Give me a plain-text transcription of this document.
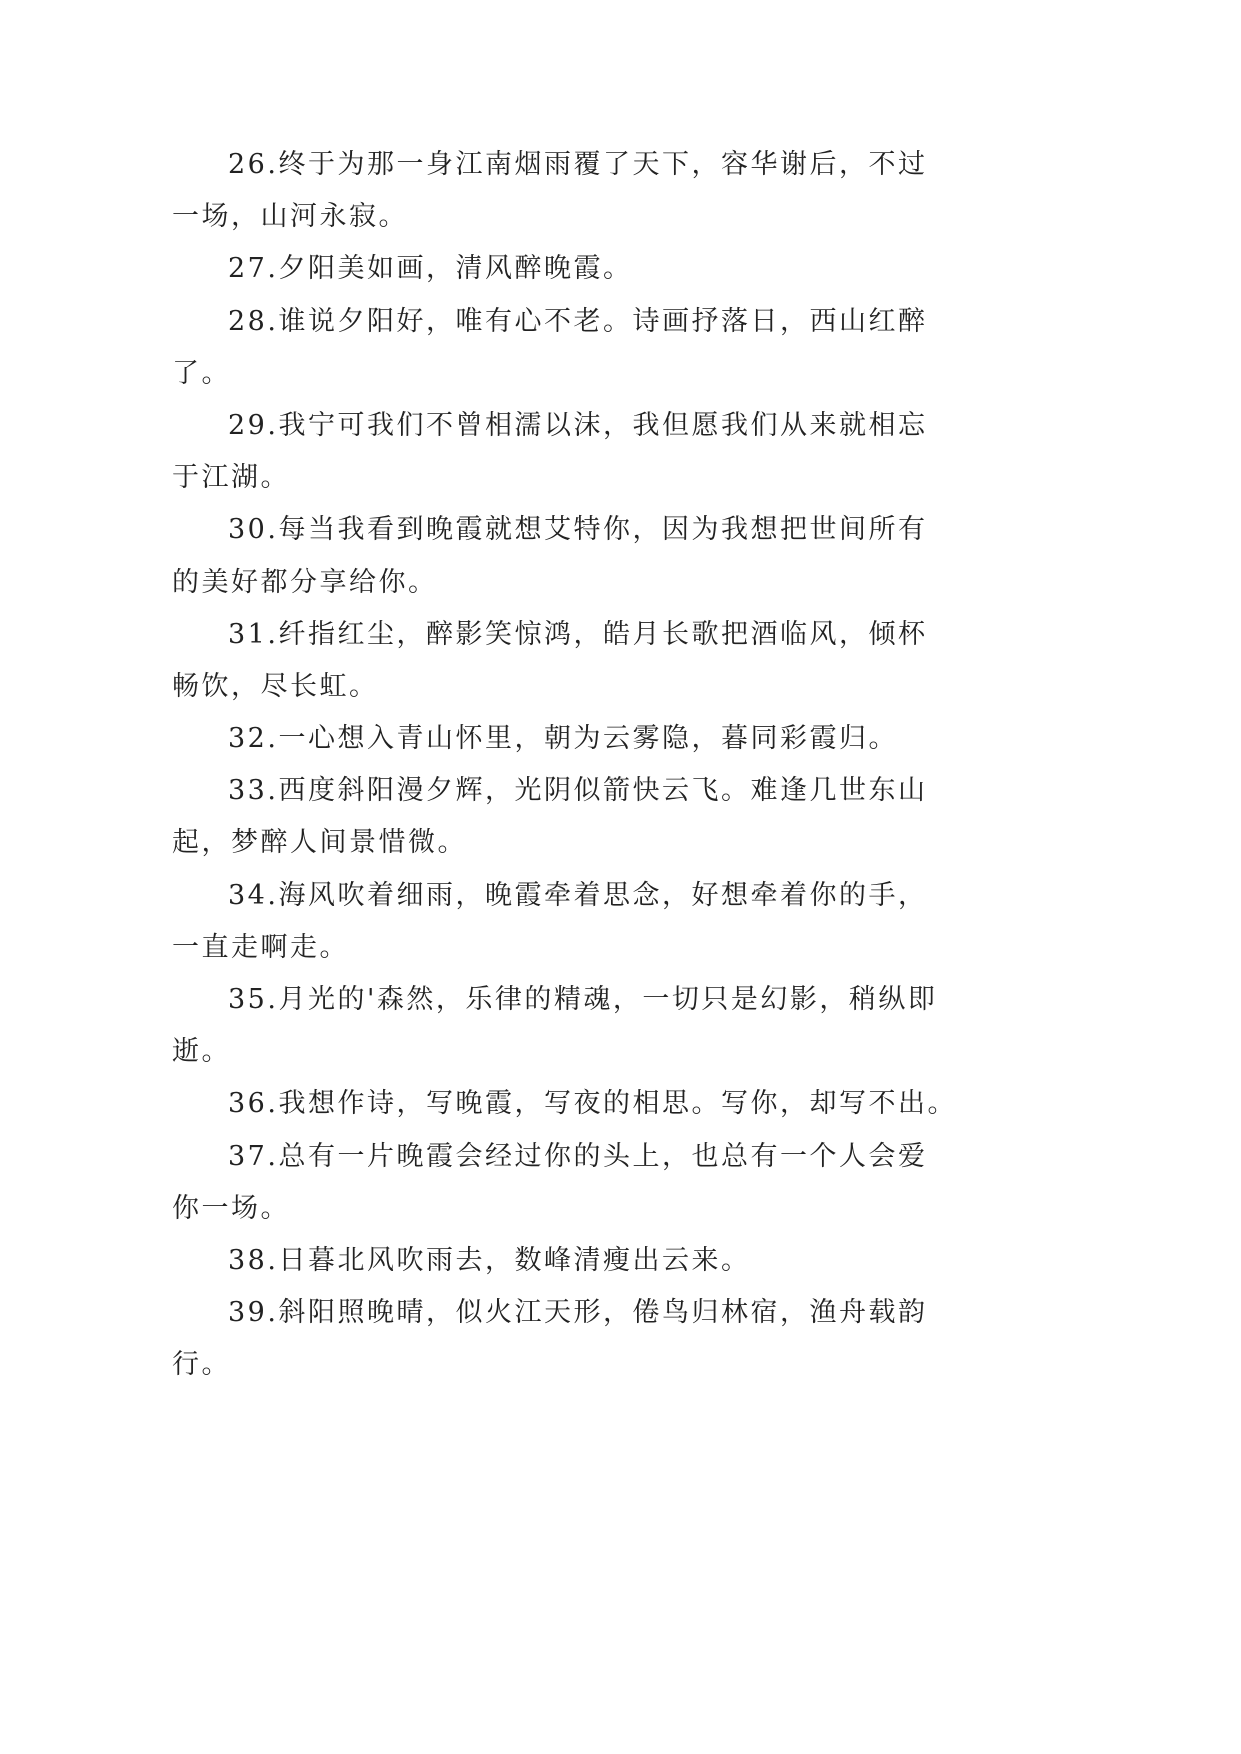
26.终于为那一身江南烟雨覆了天下，容华谢后，不过
一场，山河永寂。
27.夕阳美如画，清风醉晚霞。
28.谁说夕阳好，唯有心不老。诗画抒落日，西山红醉
了。
29.我宁可我们不曾相濡以沫，我但愿我们从来就相忘
于江湖。
30.每当我看到晚霞就想艾特你，因为我想把世间所有
的美好都分享给你。
31.纤指红尘，醉影笑惊鸿，皓月长歌把酒临风，倾杯
畅饮，尽长虹。
32.一心想入青山怀里，朝为云雾隐，暮同彩霞归。
33.西度斜阳漫夕辉，光阴似箭快云飞。难逢几世东山
起，梦醉人间景惜微。
34.海风吹着细雨，晚霞牵着思念，好想牵着你的手，
一直走啊走。
35.月光的'森然，乐律的精魂，一切只是幻影，稍纵即
逝。
36.我想作诗，写晚霞，写夜的相思。写你，却写不出。
37.总有一片晚霞会经过你的头上，也总有一个人会爱
你一场。
38.日暮北风吹雨去，数峰清瘦出云来。
39.斜阳照晚晴，似火江天形，倦鸟归林宿，渔舟载韵
行。
